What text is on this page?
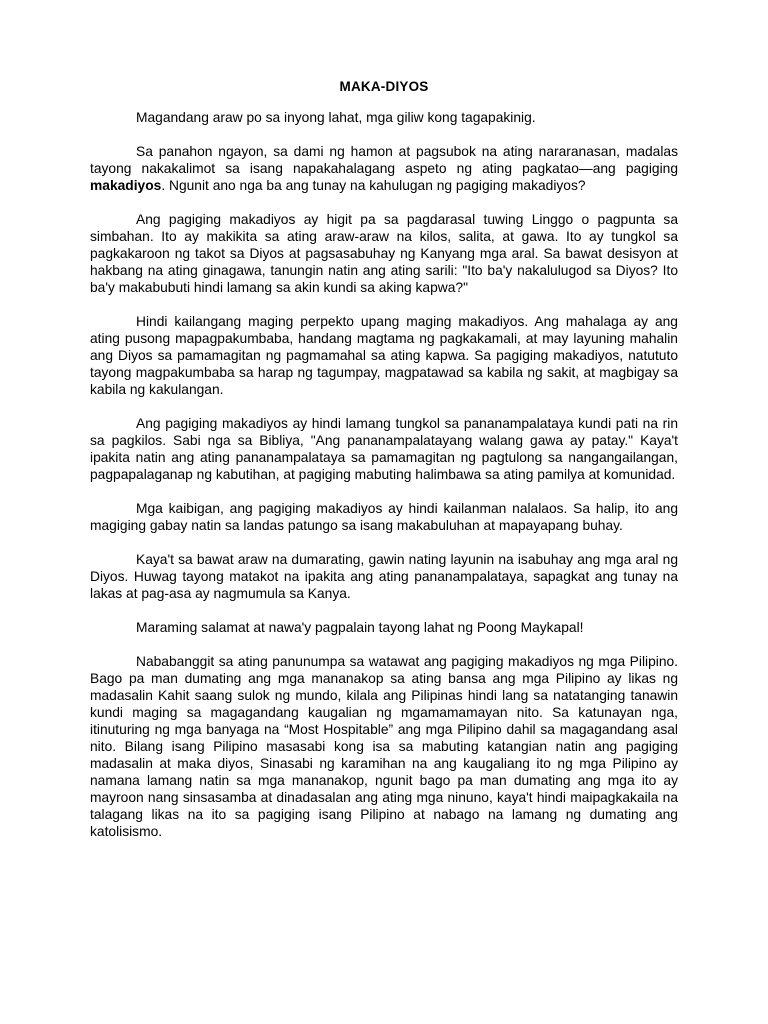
MAKA-DIYOS

Magandang araw po sa inyong lahat, mga giliw kong tagapakinig.

Sa panahon ngayon, sa dami ng hamon at pagsubok na ating nararanasan, madalas tayong nakakalimot sa isang napakahalagang aspeto ng ating pagkatao—ang pagiging makadiyos. Ngunit ano nga ba ang tunay na kahulugan ng pagiging makadiyos?

Ang pagiging makadiyos ay higit pa sa pagdarasal tuwing Linggo o pagpunta sa simbahan. Ito ay makikita sa ating araw-araw na kilos, salita, at gawa. Ito ay tungkol sa pagkakaroon ng takot sa Diyos at pagsasabuhay ng Kanyang mga aral. Sa bawat desisyon at hakbang na ating ginagawa, tanungin natin ang ating sarili: "Ito ba'y nakalulugod sa Diyos? Ito ba'y makabubuti hindi lamang sa akin kundi sa aking kapwa?"

Hindi kailangang maging perpekto upang maging makadiyos. Ang mahalaga ay ang ating pusong mapagpakumbaba, handang magtama ng pagkakamali, at may layuning mahalin ang Diyos sa pamamagitan ng pagmamahal sa ating kapwa. Sa pagiging makadiyos, natututo tayong magpakumbaba sa harap ng tagumpay, magpatawad sa kabila ng sakit, at magbigay sa kabila ng kakulangan.

Ang pagiging makadiyos ay hindi lamang tungkol sa pananampalataya kundi pati na rin sa pagkilos. Sabi nga sa Bibliya, "Ang pananampalatayang walang gawa ay patay." Kaya't ipakita natin ang ating pananampalataya sa pamamagitan ng pagtulong sa nangangailangan, pagpapalaganap ng kabutihan, at pagiging mabuting halimbawa sa ating pamilya at komunidad.

Mga kaibigan, ang pagiging makadiyos ay hindi kailanman nalalaos. Sa halip, ito ang magiging gabay natin sa landas patungo sa isang makabuluhan at mapayapang buhay.

Kaya't sa bawat araw na dumarating, gawin nating layunin na isabuhay ang mga aral ng Diyos. Huwag tayong matakot na ipakita ang ating pananampalataya, sapagkat ang tunay na lakas at pag-asa ay nagmumula sa Kanya.

Maraming salamat at nawa'y pagpalain tayong lahat ng Poong Maykapal!

Nababanggit sa ating panunumpa sa watawat ang pagiging makadiyos ng mga Pilipino. Bago pa man dumating ang mga mananakop sa ating bansa ang mga Pilipino ay likas ng madasalin Kahit saang sulok ng mundo, kilala ang Pilipinas hindi lang sa natatanging tanawin kundi maging sa magagandang kaugalian ng mgamamamayan nito. Sa katunayan nga, itinuturing ng mga banyaga na “Most Hospitable” ang mga Pilipino dahil sa magagandang asal nito. Bilang isang Pilipino masasabi kong isa sa mabuting katangian natin ang pagiging madasalin at maka diyos, Sinasabi ng karamihan na ang kaugaliang ito ng mga Pilipino ay namana lamang natin sa mga mananakop, ngunit bago pa man dumating ang mga ito ay mayroon nang sinsasamba at dinadasalan ang ating mga ninuno, kaya't hindi maipagkakaila na talagang likas na ito sa pagiging isang Pilipino at nabago na lamang ng dumating ang katolisismo.
